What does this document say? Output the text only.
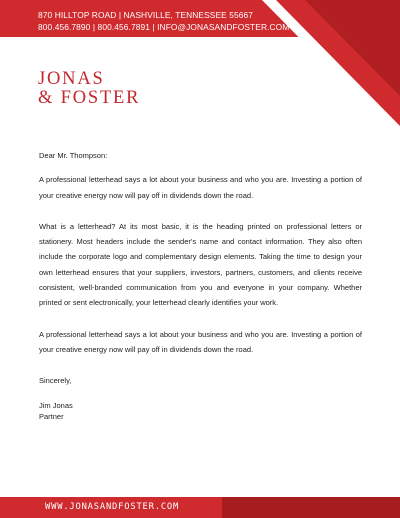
870 HILLTOP ROAD | NASHVILLE, TENNESSEE 55667
800.456.7890 | 800.456.7891 | INFO@JONASANDFOSTER.COM
JONAS
& FOSTER

Dear Mr. Thompson:

A professional letterhead says a lot about your business and who you are. Investing a portion of your creative energy now will pay off in dividends down the road.

What is a letterhead? At its most basic, it is the heading printed on professional letters or stationery. Most headers include the sender's name and contact information. They also often include the corporate logo and complementary design elements. Taking the time to design your own letterhead ensures that your suppliers, investors, partners, customers, and clients receive consistent, well-branded communication from you and everyone in your company. Whether printed or sent electronically, your letterhead clearly identifies your work.

A professional letterhead says a lot about your business and who you are. Investing a portion of your creative energy now will pay off in dividends down the road.

Sincerely,

Jim Jonas
Partner
WWW.JONASANDFOSTER.COM
